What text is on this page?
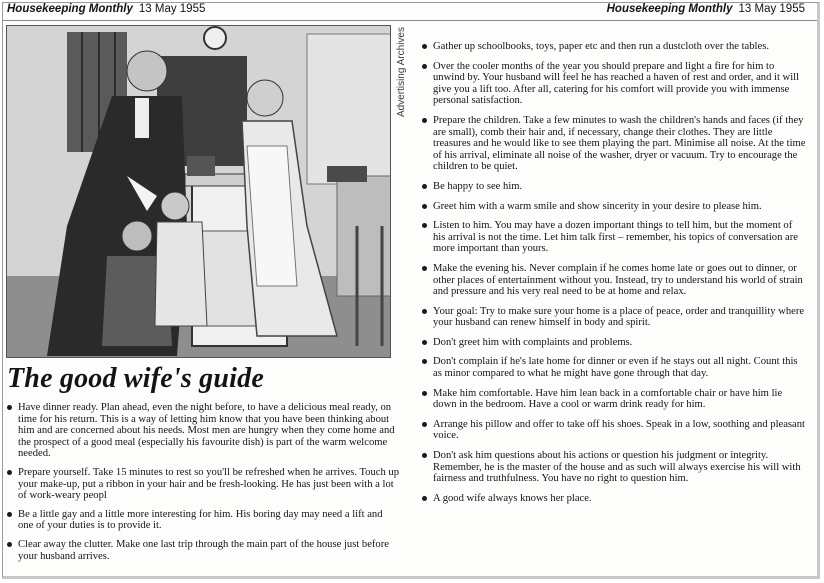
Housekeeping Monthly 13 May 1955	Housekeeping Monthly 13 May 1955
Advertising Archives
The good wife's guide
Have dinner ready. Plan ahead, even the night before, to have a delicious meal ready, on time for his return. This is a way of letting him know that you have been thinking about him and are concerned about his needs. Most men are hungry when they come home and the prospect of a good meal (especially his favourite dish) is part of the warm welcome needed.
Prepare yourself. Take 15 minutes to rest so you'll be refreshed when he arrives. Touch up your make-up, put a ribbon in your hair and be fresh-looking. He has just been with a lot of work-weary peopl
Be a little gay and a little more interesting for him. His boring day may need a lift and one of your duties is to provide it.
Clear away the clutter. Make one last trip through the main part of the house just before your husband arrives.
Gather up schoolbooks, toys, paper etc and then run a dustcloth over the tables.
Over the cooler months of the year you should prepare and light a fire for him to unwind by. Your husband will feel he has reached a haven of rest and order, and it will give you a lift too. After all, catering for his comfort will provide you with immense personal satisfaction.
Prepare the children. Take a few minutes to wash the children's hands and faces (if they are small), comb their hair and, if necessary, change their clothes. They are little treasures and he would like to see them playing the part. Minimise all noise. At the time of his arrival, eliminate all noise of the washer, dryer or vacuum. Try to encourage the children to be quiet.
Be happy to see him.
Greet him with a warm smile and show sincerity in your desire to please him.
Listen to him. You may have a dozen important things to tell him, but the moment of his arrival is not the time. Let him talk first – remember, his topics of conversation are more important than yours.
Make the evening his. Never complain if he comes home late or goes out to dinner, or other places of entertainment without you. Instead, try to understand his world of strain and pressure and his very real need to be at home and relax.
Your goal: Try to make sure your home is a place of peace, order and tranquillity where your husband can renew himself in body and spirit.
Don't greet him with complaints and problems.
Don't complain if he's late home for dinner or even if he stays out all night. Count this as minor compared to what he might have gone through that day.
Make him comfortable. Have him lean back in a comfortable chair or have him lie down in the bedroom. Have a cool or warm drink ready for him.
Arrange his pillow and offer to take off his shoes. Speak in a low, soothing and pleasant voice.
Don't ask him questions about his actions or question his judgment or integrity. Remember, he is the master of the house and as such will always exercise his will with fairness and truthfulness. You have no right to question him.
A good wife always knows her place.
